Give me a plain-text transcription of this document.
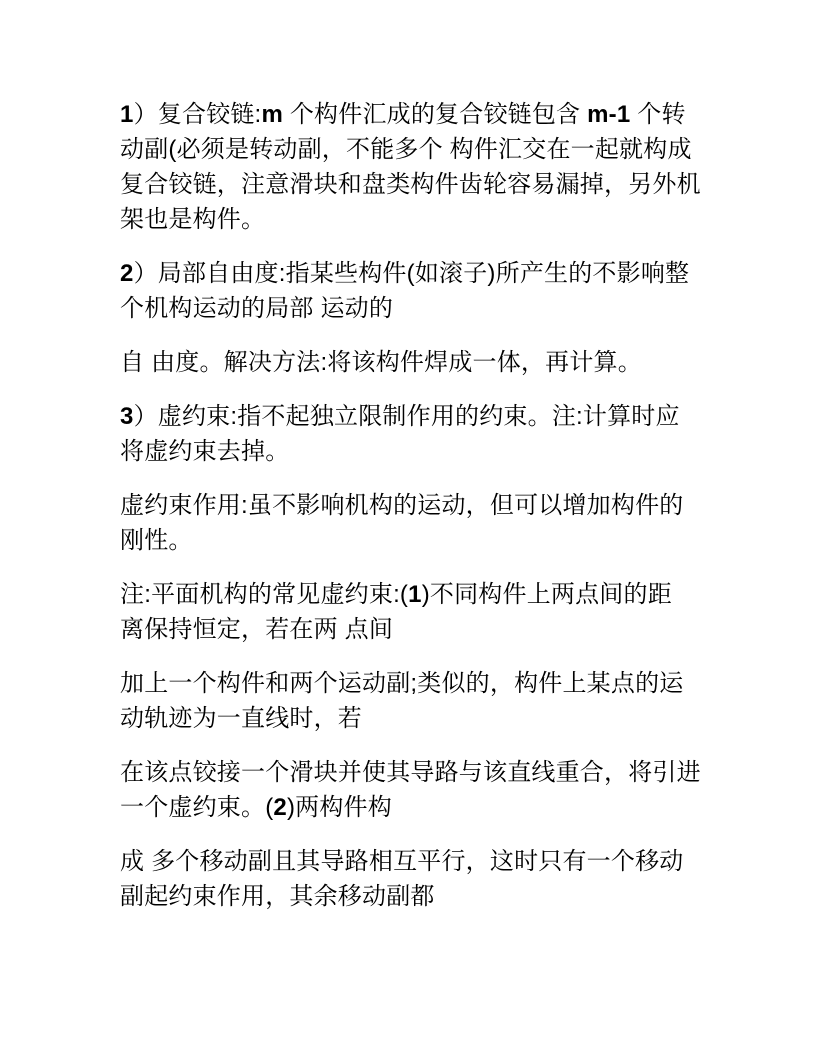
1）复合铰链:m 个构件汇成的复合铰链包含 m-1 个转
动副(必须是转动副，不能多个 构件汇交在一起就构成
复合铰链，注意滑块和盘类构件齿轮容易漏掉，另外机
架也是构件。
2）局部自由度:指某些构件(如滚子)所产生的不影响整
个机构运动的局部 运动的
自 由度。解决方法:将该构件焊成一体，再计算。
3）虚约束:指不起独立限制作用的约束。注:计算时应
将虚约束去掉。
虚约束作用:虽不影响机构的运动，但可以增加构件的
刚性。
注:平面机构的常见虚约束:(1)不同构件上两点间的距
离保持恒定，若在两 点间
加上一个构件和两个运动副;类似的，构件上某点的运
动轨迹为一直线时，若
在该点铰接一个滑块并使其导路与该直线重合，将引进
一个虚约束。(2)两构件构
成 多个移动副且其导路相互平行，这时只有一个移动
副起约束作用，其余移动副都
